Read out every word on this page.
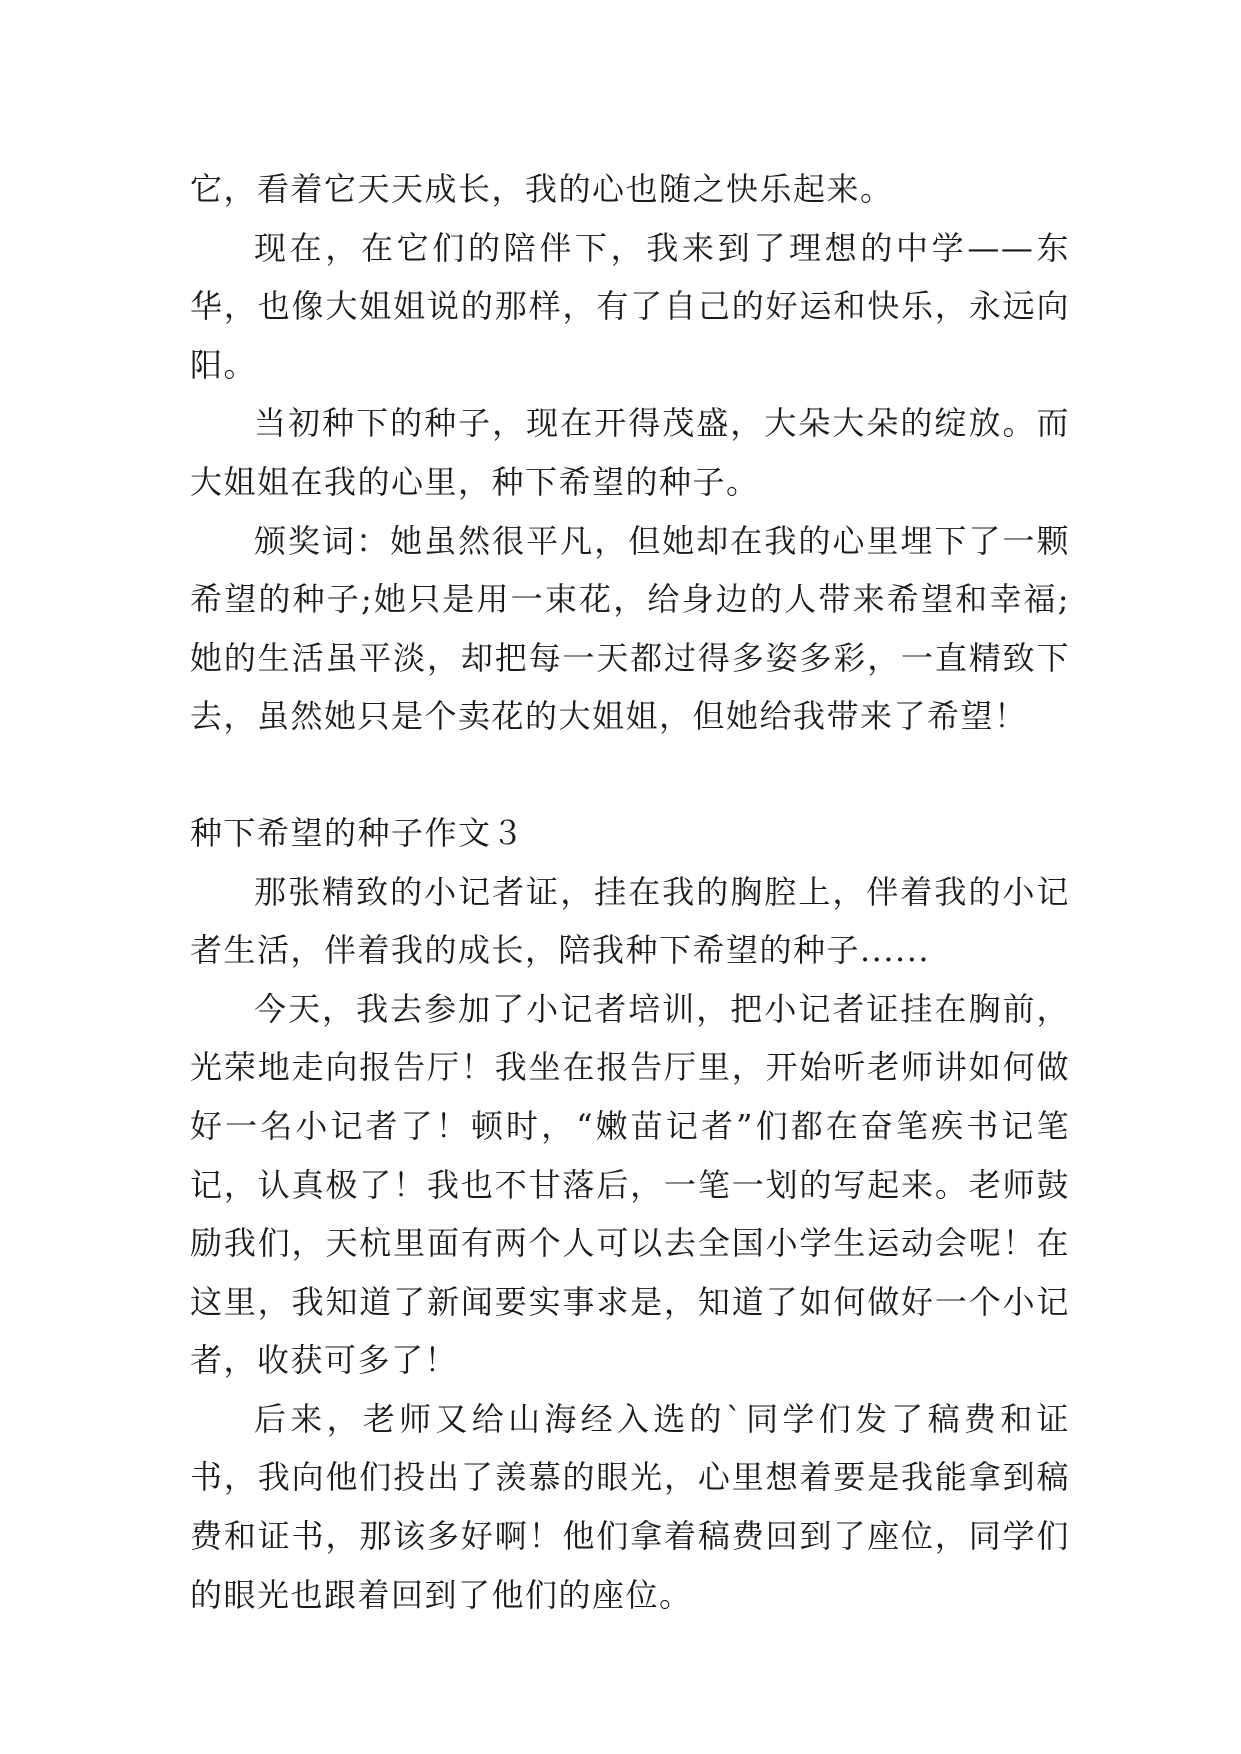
它，看着它天天成长，我的心也随之快乐起来。

现在，在它们的陪伴下，我来到了理想的中学——东华，也像大姐姐说的那样，有了自己的好运和快乐，永远向阳。

当初种下的种子，现在开得茂盛，大朵大朵的绽放。而大姐姐在我的心里，种下希望的种子。

颁奖词：她虽然很平凡，但她却在我的心里埋下了一颗希望的种子;她只是用一束花，给身边的人带来希望和幸福;她的生活虽平淡，却把每一天都过得多姿多彩，一直精致下去，虽然她只是个卖花的大姐姐，但她给我带来了希望！

种下希望的种子作文３

那张精致的小记者证，挂在我的胸腔上，伴着我的小记者生活，伴着我的成长，陪我种下希望的种子......

今天，我去参加了小记者培训，把小记者证挂在胸前，光荣地走向报告厅！我坐在报告厅里，开始听老师讲如何做好一名小记者了！顿时，“嫩苗记者”们都在奋笔疾书记笔记，认真极了！我也不甘落后，一笔一划的写起来。老师鼓励我们，天杭里面有两个人可以去全国小学生运动会呢！在这里，我知道了新闻要实事求是，知道了如何做好一个小记者，收获可多了！

后来，老师又给山海经入选的`同学们发了稿费和证书，我向他们投出了羡慕的眼光，心里想着要是我能拿到稿费和证书，那该多好啊！他们拿着稿费回到了座位，同学们的眼光也跟着回到了他们的座位。
